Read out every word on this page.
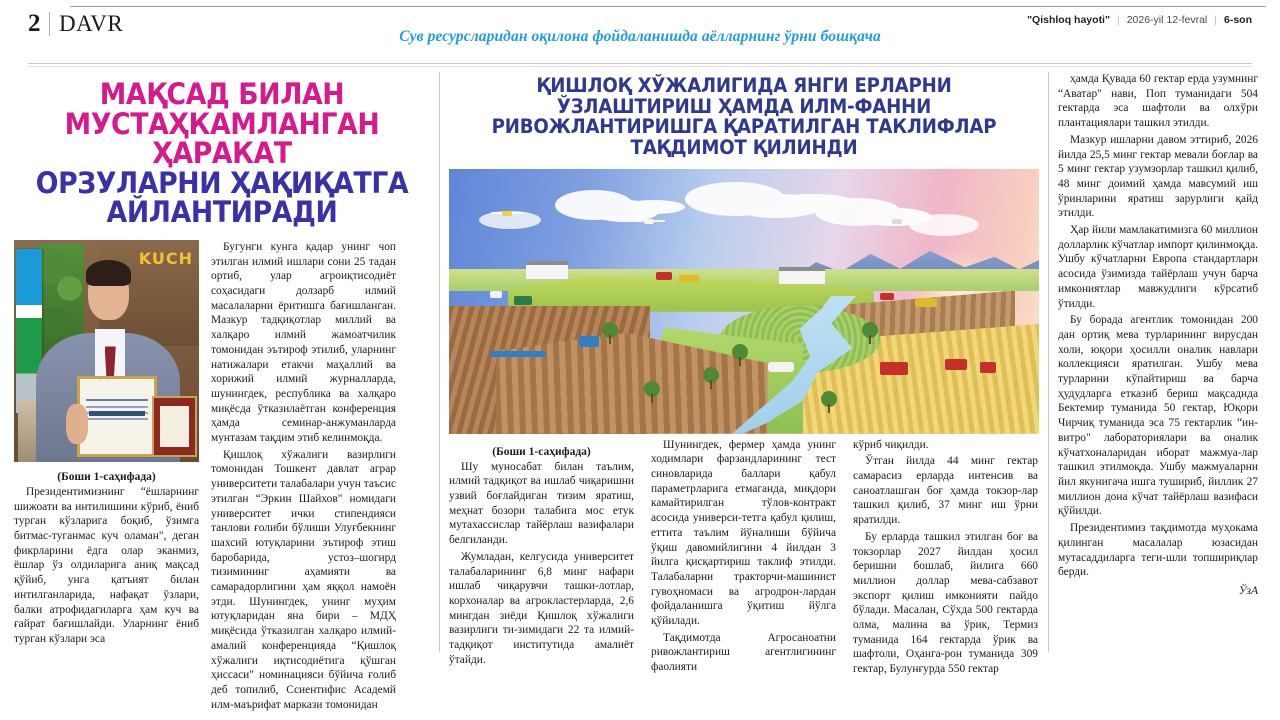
2 DAVR	"Qishloq hayoti" | 2026-yil 12-fevral | 6-son
Сув ресурсларидан оқилона фойдаланишда аёлларнинг ўрни бошқача
МАҚСАД БИЛАН
МУСТАҲКАМЛАНГАН ҲАРАКАТ
ОРЗУЛАРНИ ҲАҚИҚАТГА
АЙЛАНТИРАДИ
KUCH
(Боши 1-саҳифада)

Президентимизнинг “ёшларнинг шижоати ва интилишини кўриб, ёниб турган кўзларига боқиб, ўзимга битмас-туганмас куч оламан", деган фикрларини ёдга олар эканмиз, ёшлар ўз олдиларига аниқ мақсад қўйиб, унга қатъият билан интилганларида, нафақат ўзлари, балки атрофидагиларга ҳам куч ва ғайрат бағишлайди. Уларнинг ёниб турган кўзлари эса

Бугунги кунга қадар унинг чоп этилган илмий ишлари сони 25 тадан ортиб, улар агроиқтисодиёт соҳасидаги долзарб илмий масалаларни ёритишга бағишланган. Мазкур тадқиқотлар миллий ва халқаро илмий жамоатчилик томонидан эътироф этилиб, уларнинг натижалари етакчи маҳаллий ва хорижий илмий журналларда, шунингдек, республика ва халқаро миқёсда ўтказилаётган конференция ҳамда семинар-анжуманларда мунтазам тақдим этиб келинмоқда.

Қишлоқ хўжалиги вазирлиги томонидан Тошкент давлат аграр университети талабалари учун таъсис этилган “Эркин Шайхов" номидаги университет ички стипендияси танлови ғолиби бўлиши Улуғбекнинг шахсий ютуқларини эътироф этиш баробарида, устоз–шогирд тизимининг аҳамияти ва самарадорлигини ҳам яққол намоён этди. Шунингдек, унинг муҳим ютуқларидан яна бири – МДҲ миқёсида ўтказилган халқаро илмий-амалий конференцияда “Қишлоқ хўжалиги иқтисодиётига қўшган ҳиссаси" номинацияси бўйича ғолиб деб топилиб, Ссиентифис Асадемй илм-маърифат маркази томонидан

ҚИШЛОҚ ХЎЖАЛИГИДА ЯНГИ ЕРЛАРНИ ЎЗЛАШТИРИШ ҲАМДА ИЛМ-ФАННИ
РИВОЖЛАНТИРИШГА ҚАРАТИЛГАН ТАКЛИФЛАР ТАҚДИМОТ ҚИЛИНДИ
(Боши 1-саҳифада)

Шу муносабат билан таълим, илмий тадқиқот ва ишлаб чиқаришни узвий боғлайдиган тизим яратиш, меҳнат бозори талабига мос етук мутахассислар тайёрлаш вазифалари белгиланди.

Жумладан, келгусида университет талабаларининг 6,8 минг нафари ишлаб чиқарувчи ташки-лотлар, корхоналар ва агрокластерларда, 2,6 мингдан зиёди Қишлоқ хўжалиги вазирлиги ти-зимидаги 22 та илмий-тадқиқот институтида амалиёт ўтайди.

Шунингдек, фермер ҳамда унинг ходимлари фарзандларининг тест синовларида баллари қабул параметрларига етмаганда, миқдори камайтирилган тўлов-контракт асосида универси-тетга қабул қилиш, еттита таълим йўналиши бўйича ўқиш давомийлигини 4 йилдан 3 йилга қисқартириш таклиф этилди. Талабаларни тракторчи-машинист гувоҳномаси ва агродрон-лардан фойдаланишга ўқитиш йўлга қўйилади.

Тақдимотда Агросаноатни ривожлантириш агентлигининг фаолияти

кўриб чиқилди.

Ўтган йилда 44 минг гектар самарасиз ерларда интенсив ва саноатлашган боғ ҳамда токзор-лар ташкил қилиб, 37 минг иш ўрни яратилди.

Бу ерларда ташкил этилган боғ ва токзорлар 2027 йилдан ҳосил беришни бошлаб, йилига 660 миллион доллар мева-сабзавот экспорт қилиш имконияти пайдо бўлади. Масалан, Сўхда 500 гектарда олма, малина ва ўрик, Термиз туманида 164 гектарда ўрик ва шафтоли, Оҳанга-рон туманида 309 гектар, Булунғурда 550 гектар

ҳамда Қувада 60 гектар ерда узумнинг “Аватар" нави, Поп туманидаги 504 гектарда эса шафтоли ва олхўри плантациялари ташкил этилди.

Мазкур ишларни давом эттириб, 2026 йилда 25,5 минг гектар мевали боғлар ва 5 минг гектар узумзорлар ташкил қилиб, 48 минг доимий ҳамда мавсумий иш ўринларини яратиш зарурлиги қайд этилди.

Ҳар йили мамлакатимизга 60 миллион долларлик кўчатлар импорт қилинмоқда. Ушбу кўчатларни Европа стандартлари асосида ўзимизда тайёрлаш учун барча имкониятлар мавжудлиги кўрсатиб ўтилди.

Бу борада агентлик томонидан 200 дан ортиқ мева турларининг вирусдан холи, юқори ҳосилли оналик навлари коллекцияси яратилган. Ушбу мева турларини кўпайтириш ва барча ҳудудларга етказиб бериш мақсадида Бектемир туманида 50 гектар, Юқори Чирчиқ туманида эса 75 гектарлик “ин-витро" лабораториялари ва оналик кўчатхоналаридан иборат мажмуа-лар ташкил этилмоқда. Ушбу мажмуаларни йил якунигача ишга тушириб, йиллик 27 миллион дона кўчат тайёрлаш вазифаси қўйилди.

Президентимиз тақдимотда муҳокама қилинган масалалар юзасидан мутасаддиларга теги-шли топшириқлар берди.

ЎзА
